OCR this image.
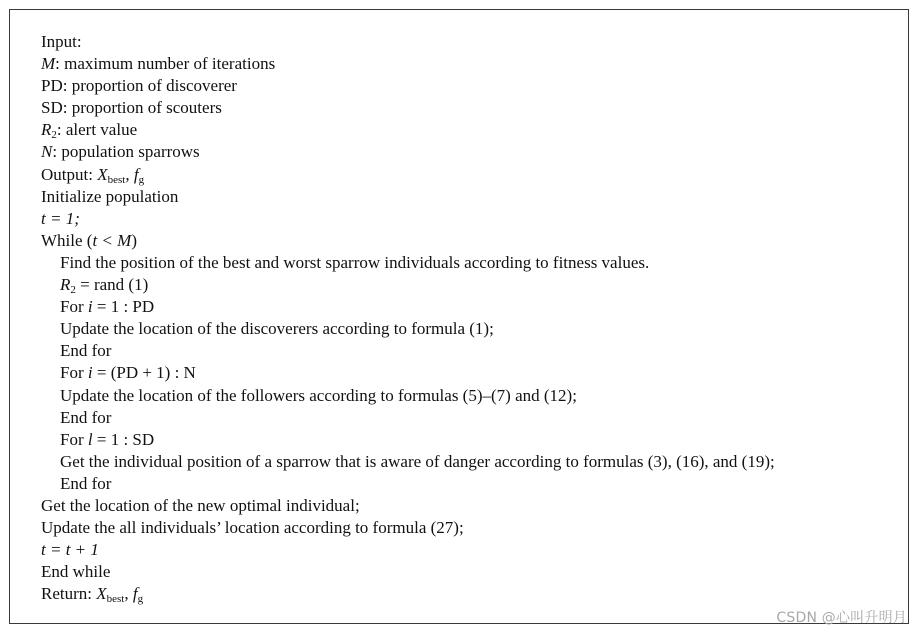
Input:
M: maximum number of iterations
PD: proportion of discoverer
SD: proportion of scouters
$R_2$: alert value
N: population sparrows
Output: $X_{best}$, $f_g$
Initialize population
t = 1;
While (t < M)
Find the position of the best and worst sparrow individuals according to fitness values.
$R_2$ = rand (1)
For i = 1 : PD
Update the location of the discoverers according to formula (1);
End for
For i = (PD + 1) : N
Update the location of the followers according to formulas (5)–(7) and (12);
End for
For l = 1 : SD
Get the individual position of a sparrow that is aware of danger according to formulas (3), (16), and (19);
End for
Get the location of the new optimal individual;
Update the all individuals’ location according to formula (27);
t = t + 1
End while
Return: $X_{best}$, $f_g$
CSDN @心叫升明月
